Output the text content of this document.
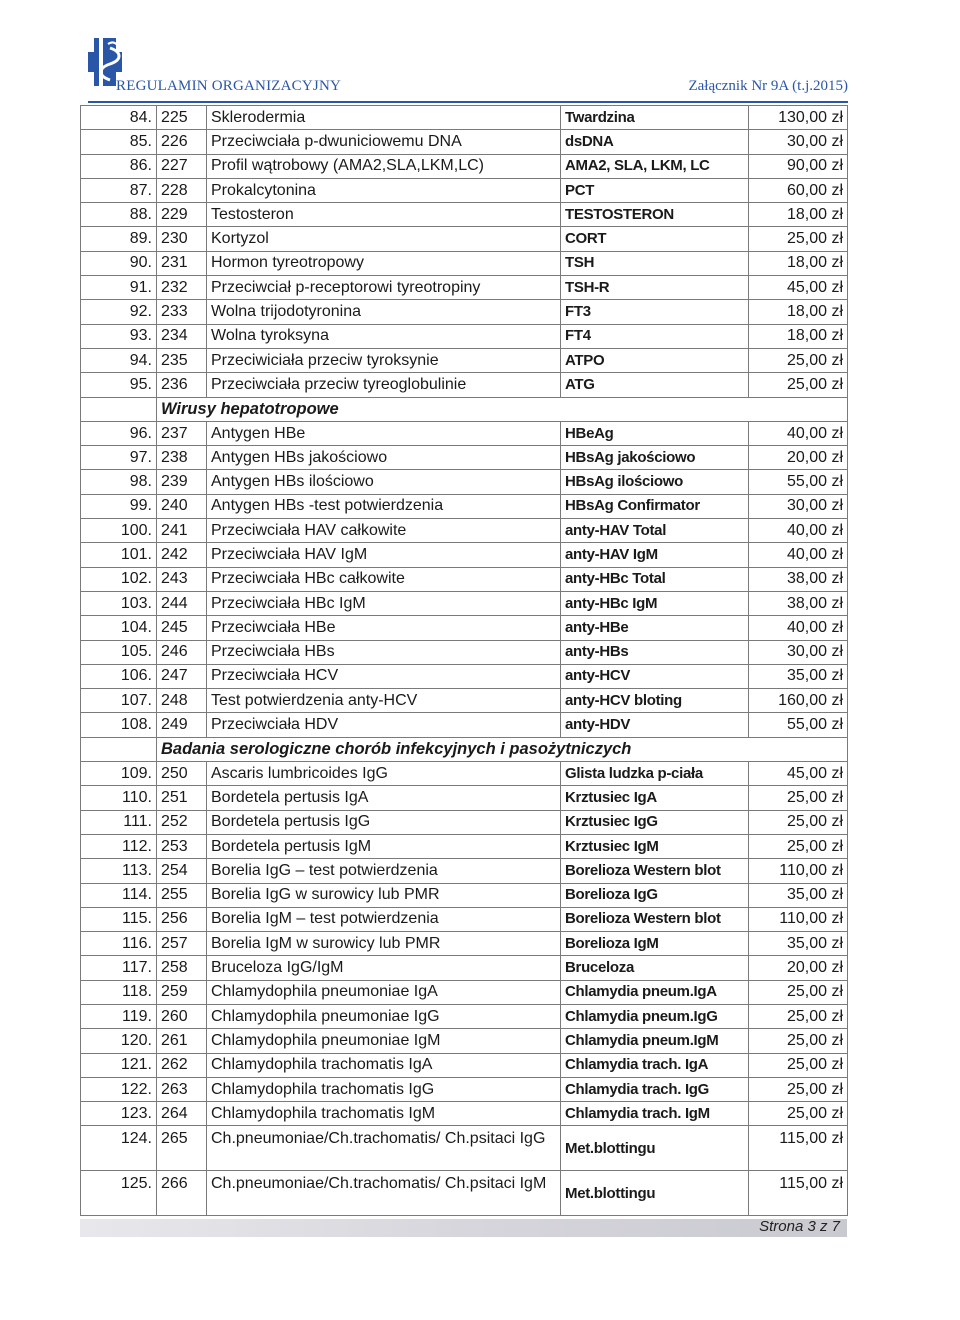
REGULAMIN ORGANIZACYJNY	Załącznik Nr 9A (t.j.2015)
84.	225	Sklerodermia	Twardzina	130,00 zł
85.	226	Przeciwciała p-dwuniciowemu DNA	dsDNA	30,00 zł
86.	227	Profil wątrobowy (AMA2,SLA,LKM,LC)	AMA2, SLA, LKM, LC	90,00 zł
87.	228	Prokalcytonina	PCT	60,00 zł
88.	229	Testosteron	TESTOSTERON	18,00 zł
89.	230	Kortyzol	CORT	25,00 zł
90.	231	Hormon tyreotropowy	TSH	18,00 zł
91.	232	Przeciwciał p-receptorowi tyreotropiny	TSH-R	45,00 zł
92.	233	Wolna trijodotyronina	FT3	18,00 zł
93.	234	Wolna tyroksyna	FT4	18,00 zł
94.	235	Przeciwiciała przeciw tyroksynie	ATPO	25,00 zł
95.	236	Przeciwciała przeciw tyreoglobulinie	ATG	25,00 zł
	Wirusy hepatotropowe			
96.	237	Antygen HBe	HBeAg	40,00 zł
97.	238	Antygen HBs jakościowo	HBsAg jakościowo	20,00 zł
98.	239	Antygen HBs ilościowo	HBsAg ilościowo	55,00 zł
99.	240	Antygen HBs -test potwierdzenia	HBsAg Confirmator	30,00 zł
100.	241	Przeciwciała HAV całkowite	anty-HAV Total	40,00 zł
101.	242	Przeciwciała HAV IgM	anty-HAV IgM	40,00 zł
102.	243	Przeciwciała HBc całkowite	anty-HBc Total	38,00 zł
103.	244	Przeciwciała HBc IgM	anty-HBc IgM	38,00 zł
104.	245	Przeciwciała HBe	anty-HBe	40,00 zł
105.	246	Przeciwciała HBs	anty-HBs	30,00 zł
106.	247	Przeciwciała HCV	anty-HCV	35,00 zł
107.	248	Test potwierdzenia anty-HCV	anty-HCV bloting	160,00 zł
108.	249	Przeciwciała HDV	anty-HDV	55,00 zł
	Badania serologiczne chorób infekcyjnych i pasożytniczych			
109.	250	Ascaris lumbricoides IgG	Glista ludzka p-ciała	45,00 zł
110.	251	Bordetela pertusis IgA	Krztusiec IgA	25,00 zł
111.	252	Bordetela pertusis IgG	Krztusiec IgG	25,00 zł
112.	253	Bordetela pertusis IgM	Krztusiec IgM	25,00 zł
113.	254	Borelia IgG – test potwierdzenia	Borelioza Western blot	110,00 zł
114.	255	Borelia IgG w surowicy lub PMR	Borelioza IgG	35,00 zł
115.	256	Borelia IgM – test potwierdzenia	Borelioza Western blot	110,00 zł
116.	257	Borelia IgM w surowicy lub PMR	Borelioza IgM	35,00 zł
117.	258	Bruceloza IgG/IgM	Bruceloza	20,00 zł
118.	259	Chlamydophila pneumoniae IgA	Chlamydia pneum.IgA	25,00 zł
119.	260	Chlamydophila pneumoniae IgG	Chlamydia pneum.IgG	25,00 zł
120.	261	Chlamydophila pneumoniae IgM	Chlamydia pneum.IgM	25,00 zł
121.	262	Chlamydophila trachomatis IgA	Chlamydia trach. IgA	25,00 zł
122.	263	Chlamydophila trachomatis IgG	Chlamydia trach. IgG	25,00 zł
123.	264	Chlamydophila trachomatis IgM	Chlamydia trach. IgM	25,00 zł
124.	265	Ch.pneumoniae/Ch.trachomatis/ Ch.psitaci IgG	Met.blottingu	115,00 zł
125.	266	Ch.pneumoniae/Ch.trachomatis/ Ch.psitaci IgM	Met.blottingu	115,00 zł
Strona 3 z 7
